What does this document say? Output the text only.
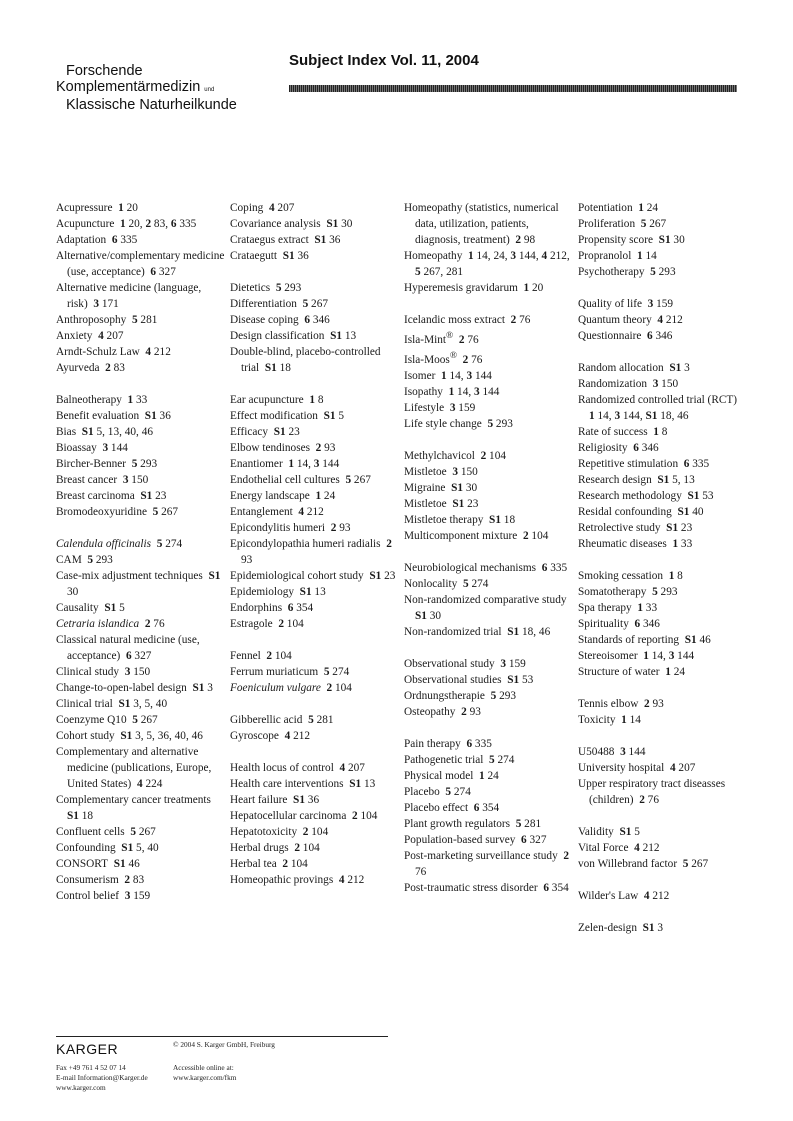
Forschende
Komplementärmedizin und
Klassische Naturheilkunde
Subject Index Vol. 11, 2004
Acupressure  1 20
Acupuncture  1 20, 2 83, 6 335
Adaptation  6 335
Alternative/complementary medicine (use, acceptance)  6 327
Alternative medicine (language, risk)  3 171
Anthroposophy  5 281
Anxiety  4 207
Arndt-Schulz Law  4 212
Ayurveda  2 83
Balneotherapy  1 33
Benefit evaluation  S1 36
Bias  S1 5, 13, 40, 46
Bioassay  3 144
Bircher-Benner  5 293
Breast cancer  3 150
Breast carcinoma  S1 23
Bromodeoxyuridine  5 267
Calendula officinalis  5 274
CAM  5 293
Case-mix adjustment techniques  S1 30
Causality  S1 5
Cetraria islandica  2 76
Classical natural medicine (use, acceptance)  6 327
Clinical study  3 150
Change-to-open-label design  S1 3
Clinical trial  S1 3, 5, 40
Coenzyme Q10  5 267
Cohort study  S1 3, 5, 36, 40, 46
Complementary and alternative medicine (publications, Europe, United States)  4 224
Complementary cancer treatments S1 18
Confluent cells  5 267
Confounding  S1 5, 40
CONSORT  S1 46
Consumerism  2 83
Control belief  3 159
Coping  4 207
Covariance analysis  S1 30
Crataegus extract  S1 36
Crataegutt  S1 36
Dietetics  5 293
Differentiation  5 267
Disease coping  6 346
Design classification  S1 13
Double-blind, placebo-controlled trial  S1 18
Ear acupuncture  1 8
Effect modification  S1 5
Efficacy  S1 23
Elbow tendinoses  2 93
Enantiomer  1 14, 3 144
Endothelial cell cultures  5 267
Energy landscape  1 24
Entanglement  4 212
Epicondylitis humeri  2 93
Epicondylopathia humeri radialis  2 93
Epidemiological cohort study  S1 23
Epidemiology  S1 13
Endorphins  6 354
Estragole  2 104
Fennel  2 104
Ferrum muriaticum  5 274
Foeniculum vulgare  2 104
Gibberellic acid  5 281
Gyroscope  4 212
Health locus of control  4 207
Health care interventions  S1 13
Heart failure  S1 36
Hepatocellular carcinoma  2 104
Hepatotoxicity  2 104
Herbal drugs  2 104
Herbal tea  2 104
Homeopathic provings  4 212
Homeopathy (statistics, numerical data, utilization, patients, diagnosis, treatment)  2 98
Homeopathy  1 14, 24, 3 144, 4 212, 5 267, 281
Hyperemesis gravidarum  1 20
Icelandic moss extract  2 76
Isla-Mint®  2 76
Isla-Moos®  2 76
Isomer  1 14, 3 144
Isopathy  1 14, 3 144
Lifestyle  3 159
Life style change  5 293
Methylchavicol  2 104
Mistletoe  3 150
Migraine  S1 30
Mistletoe  S1 23
Mistletoe therapy  S1 18
Multicomponent mixture  2 104
Neurobiological mechanisms  6 335
Nonlocality  5 274
Non-randomized comparative study S1 30
Non-randomized trial  S1 18, 46
Observational study  3 159
Observational studies  S1 53
Ordnungstherapie  5 293
Osteopathy  2 93
Pain therapy  6 335
Pathogenetic trial  5 274
Physical model  1 24
Placebo  5 274
Placebo effect  6 354
Plant growth regulators  5 281
Population-based survey  6 327
Post-marketing surveillance study  2 76
Post-traumatic stress disorder  6 354
Potentiation  1 24
Proliferation  5 267
Propensity score  S1 30
Propranolol  1 14
Psychotherapy  5 293
Quality of life  3 159
Quantum theory  4 212
Questionnaire  6 346
Random allocation  S1 3
Randomization  3 150
Randomized controlled trial (RCT) 1 14, 3 144, S1 18, 46
Rate of success  1 8
Religiosity  6 346
Repetitive stimulation  6 335
Research design  S1 5, 13
Research methodology  S1 53
Residal confounding  S1 40
Retrolective study  S1 23
Rheumatic diseases  1 33
Smoking cessation  1 8
Somatotherapy  5 293
Spa therapy  1 33
Spirituality  6 346
Standards of reporting  S1 46
Stereoisomer  1 14, 3 144
Structure of water  1 24
Tennis elbow  2 93
Toxicity  1 14
U50488  3 144
University hospital  4 207
Upper respiratory tract diseasses (children)  2 76
Validity  S1 5
Vital Force  4 212
von Willebrand factor  5 267
Wilder's Law  4 212
Zelen-design  S1 3
KARGER	© 2004 S. Karger GmbH, Freiburg
Fax +49 761 4 52 07 14
E-mail Information@Karger.de
www.karger.com
Accessible online at:
www.karger.com/fkm
